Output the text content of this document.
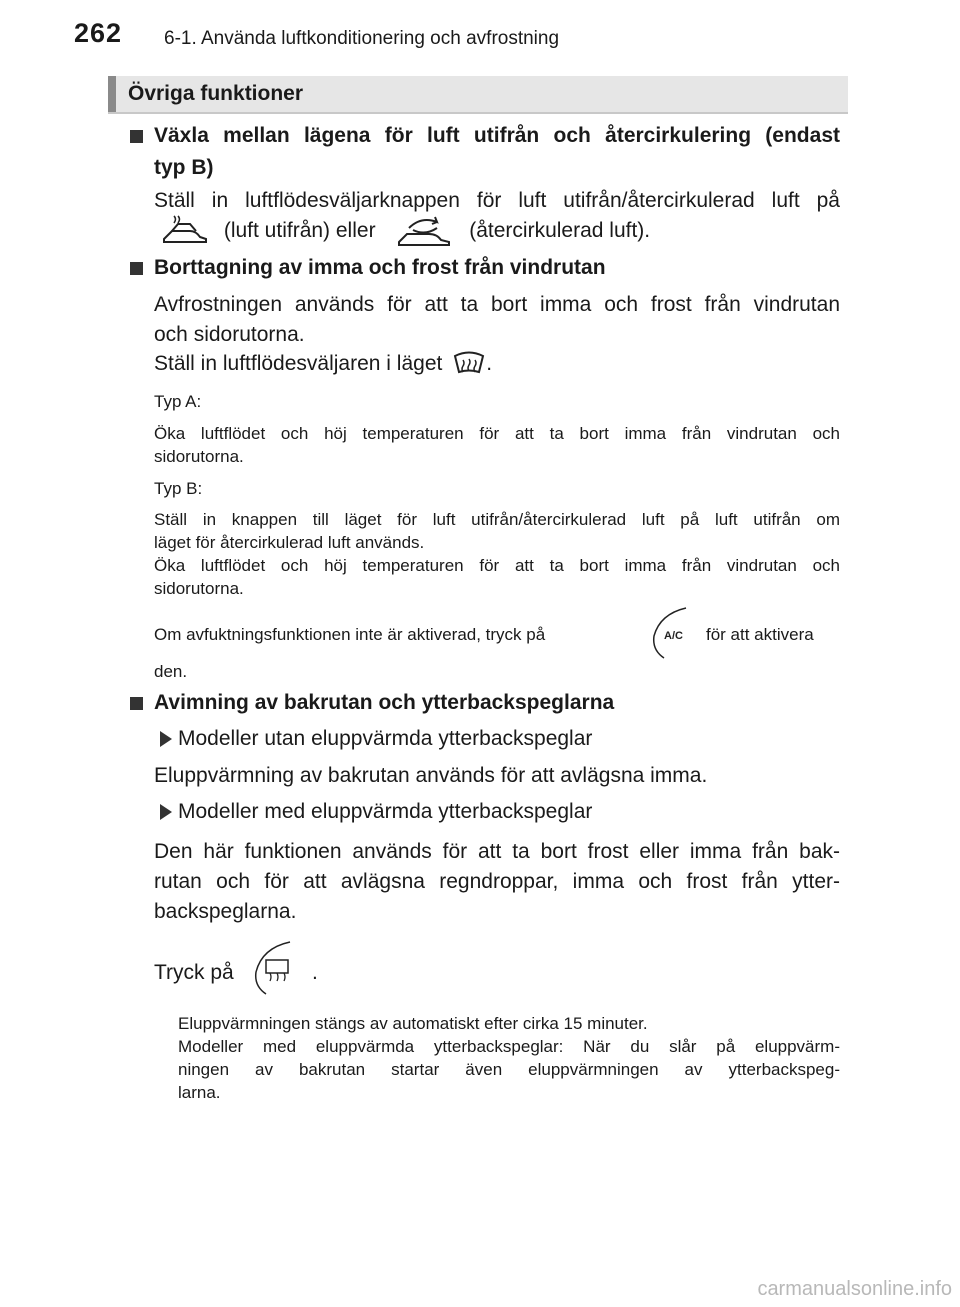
262 6-1. Använda luftkonditionering och avfrostning
Övriga funktioner
Växla mellan lägena för luft utifrån och återcirkulering (endast
typ B)
Ställ in luftflödesväljarknappen för luft utifrån/återcirkulerad luft på
(luft utifrån) eller	(återcirkulerad luft).
Borttagning av imma och frost från vindrutan
Avfrostningen används för att ta bort imma och frost från vindrutan
och sidorutorna.
Ställ in luftflödesväljaren i läget .
Typ A:
Öka luftflödet och höj temperaturen för att ta bort imma från vindrutan och
sidorutorna.
Typ B:
Ställ in knappen till läget för luft utifrån/återcirkulerad luft på luft utifrån om
läget för återcirkulerad luft används.
Öka luftflödet och höj temperaturen för att ta bort imma från vindrutan och
sidorutorna.
Om avfuktningsfunktionen inte är aktiverad, tryck på	A/C för att aktivera
den.
Avimning av bakrutan och ytterbackspeglarna
Modeller utan eluppvärmda ytterbackspeglar
Eluppvärmning av bakrutan används för att avlägsna imma.
Modeller med eluppvärmda ytterbackspeglar
Den här funktionen används för att ta bort frost eller imma från bak-
rutan och för att avlägsna regndroppar, imma och frost från ytter-
backspeglarna.
Tryck på	.
Eluppvärmningen stängs av automatiskt efter cirka 15 minuter.
Modeller med eluppvärmda ytterbackspeglar: När du slår på eluppvärm-
ningen av bakrutan startar även eluppvärmningen av ytterbackspeg-
larna.
carmanualsonline.info
